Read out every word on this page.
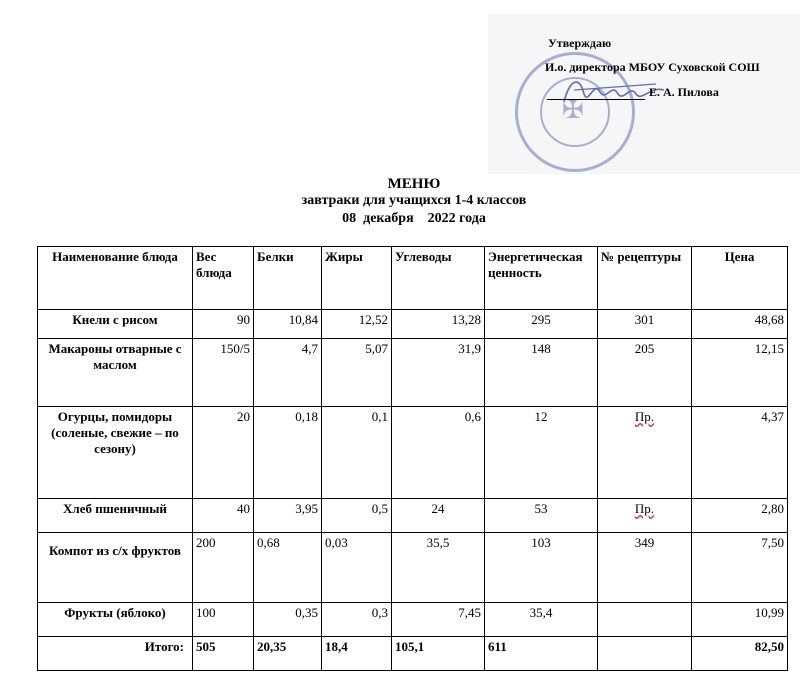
✠
Утверждаю
И.о. директора МБОУ Суховской СОШ
Е. А. Пилова
МЕНЮ
завтраки для учащихся 1-4 классов
08  декабря    2022 года
Наименование блюда	Вес блюда	Белки	Жиры	Углеводы	Энергетическая ценность	№ рецептуры	Цена
Кнели с рисом	90	10,84	12,52	13,28	295	301	48,68
Макароны отварные с маслом	150/5	4,7	5,07	31,9	148	205	12,15
Огурцы, помидоры (соленые, свежие – по сезону)	20	0,18	0,1	0,6	12	Пр.	4,37
Хлеб пшеничный	40	3,95	0,5	24	53	Пр.	2,80
Компот из с/х фруктов	200	0,68	0,03	35,5	103	349	7,50
Фрукты (яблоко)	100	0,35	0,3	7,45	35,4		10,99
Итого:	505	20,35	18,4	105,1	611		82,50
